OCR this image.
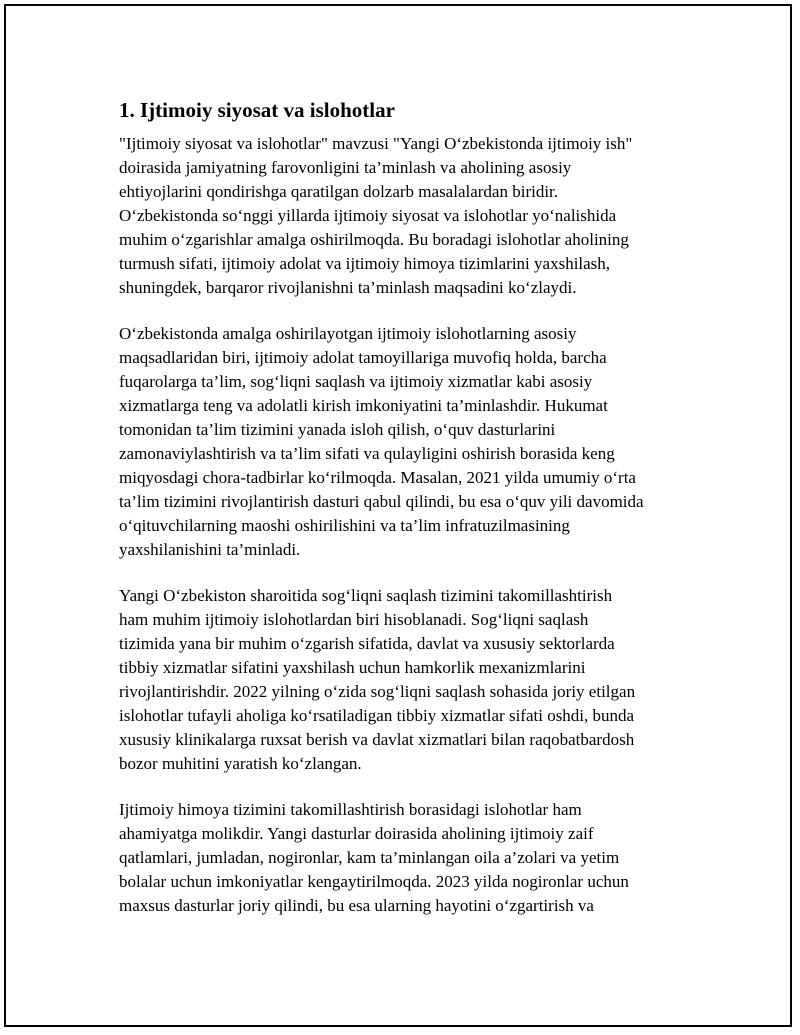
1. Ijtimoiy siyosat va islohotlar

"Ijtimoiy siyosat va islohotlar" mavzusi "Yangi O‘zbekistonda ijtimoiy ish"
doirasida jamiyatning farovonligini ta’minlash va aholining asosiy
ehtiyojlarini qondirishga qaratilgan dolzarb masalalardan biridir.
O‘zbekistonda so‘nggi yillarda ijtimoiy siyosat va islohotlar yo‘nalishida
muhim o‘zgarishlar amalga oshirilmoqda. Bu boradagi islohotlar aholining
turmush sifati, ijtimoiy adolat va ijtimoiy himoya tizimlarini yaxshilash,
shuningdek, barqaror rivojlanishni ta’minlash maqsadini ko‘zlaydi.

O‘zbekistonda amalga oshirilayotgan ijtimoiy islohotlarning asosiy
maqsadlaridan biri, ijtimoiy adolat tamoyillariga muvofiq holda, barcha
fuqarolarga ta’lim, sog‘liqni saqlash va ijtimoiy xizmatlar kabi asosiy
xizmatlarga teng va adolatli kirish imkoniyatini ta’minlashdir. Hukumat
tomonidan ta’lim tizimini yanada isloh qilish, o‘quv dasturlarini
zamonaviylashtirish va ta’lim sifati va qulayligini oshirish borasida keng
miqyosdagi chora-tadbirlar ko‘rilmoqda. Masalan, 2021 yilda umumiy o‘rta
ta’lim tizimini rivojlantirish dasturi qabul qilindi, bu esa o‘quv yili davomida
o‘qituvchilarning maoshi oshirilishini va ta’lim infratuzilmasining
yaxshilanishini ta’minladi.

Yangi O‘zbekiston sharoitida sog‘liqni saqlash tizimini takomillashtirish
ham muhim ijtimoiy islohotlardan biri hisoblanadi. Sog‘liqni saqlash
tizimida yana bir muhim o‘zgarish sifatida, davlat va xususiy sektorlarda
tibbiy xizmatlar sifatini yaxshilash uchun hamkorlik mexanizmlarini
rivojlantirishdir. 2022 yilning o‘zida sog‘liqni saqlash sohasida joriy etilgan
islohotlar tufayli aholiga ko‘rsatiladigan tibbiy xizmatlar sifati oshdi, bunda
xususiy klinikalarga ruxsat berish va davlat xizmatlari bilan raqobatbardosh
bozor muhitini yaratish ko‘zlangan.

Ijtimoiy himoya tizimini takomillashtirish borasidagi islohotlar ham
ahamiyatga molikdir. Yangi dasturlar doirasida aholining ijtimoiy zaif
qatlamlari, jumladan, nogironlar, kam ta’minlangan oila a’zolari va yetim
bolalar uchun imkoniyatlar kengaytirilmoqda. 2023 yilda nogironlar uchun
maxsus dasturlar joriy qilindi, bu esa ularning hayotini o‘zgartirish va
